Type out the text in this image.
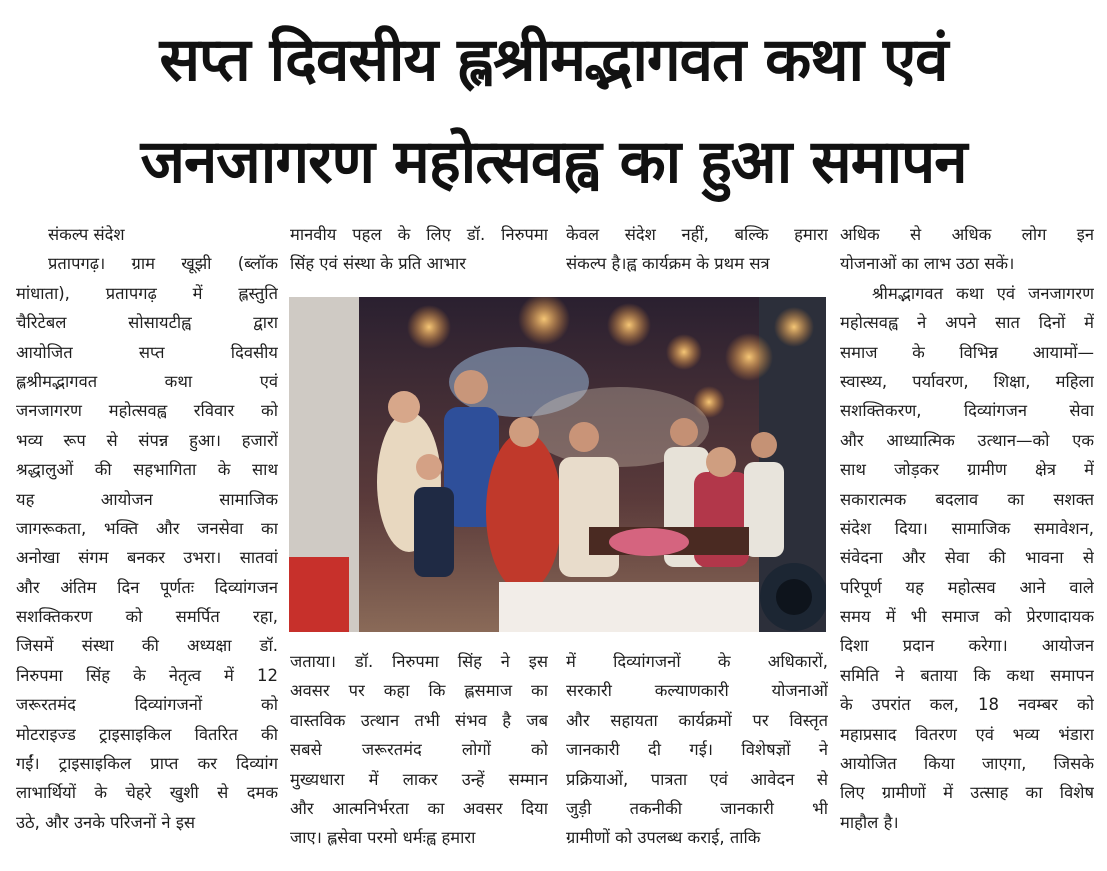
सप्त दिवसीय ह्लश्रीमद्भागवत कथा एवं
जनजागरण महोत्सवह्व का हुआ समापन

संकल्प संदेश

प्रतापगढ़। ग्राम खूझी (ब्लॉक

मांधाता), प्रतापगढ़ में ह्लस्तुति

चैरिटेबल सोसायटीह्व द्वारा

आयोजित सप्त दिवसीय

ह्लश्रीमद्भागवत कथा एवं

जनजागरण महोत्सवह्व रविवार को

भव्य रूप से संपन्न हुआ। हजारों

श्रद्धालुओं की सहभागिता के साथ

यह आयोजन सामाजिक

जागरूकता, भक्ति और जनसेवा का

अनोखा संगम बनकर उभरा। सातवां

और अंतिम दिन पूर्णतः दिव्यांगजन

सशक्तिकरण को समर्पित रहा,

जिसमें संस्था की अध्यक्षा डॉ.

निरुपमा सिंह के नेतृत्व में 12

जरूरतमंद दिव्यांगजनों को

मोटराइज्ड ट्राइसाइकिल वितरित की

गईं। ट्राइसाइकिल प्राप्त कर दिव्यांग

लाभार्थियों के चेहरे खुशी से दमक

उठे, और उनके परिजनों ने इस

मानवीय पहल के लिए डॉ. निरुपमा

सिंह एवं संस्था के प्रति आभार

केवल संदेश नहीं, बल्कि हमारा

संकल्प है।ह्व कार्यक्रम के प्रथम सत्र

अधिक से अधिक लोग इन

योजनाओं का लाभ उठा सकें।

श्रीमद्भागवत कथा एवं जनजागरण

महोत्सवह्व ने अपने सात दिनों में

समाज के विभिन्न आयामों—

स्वास्थ्य, पर्यावरण, शिक्षा, महिला

सशक्तिकरण, दिव्यांगजन सेवा

और आध्यात्मिक उत्थान—को एक

साथ जोड़कर ग्रामीण क्षेत्र में

सकारात्मक बदलाव का सशक्त

संदेश दिया। सामाजिक समावेशन,

संवेदना और सेवा की भावना से

परिपूर्ण यह महोत्सव आने वाले

समय में भी समाज को प्रेरणादायक

दिशा प्रदान करेगा। आयोजन

समिति ने बताया कि कथा समापन

के उपरांत कल, 18 नवम्बर को

महाप्रसाद वितरण एवं भव्य भंडारा

आयोजित किया जाएगा, जिसके

लिए ग्रामीणों में उत्साह का विशेष

माहौल है।

जताया। डॉ. निरुपमा सिंह ने इस

अवसर पर कहा कि ह्लसमाज का

वास्तविक उत्थान तभी संभव है जब

सबसे जरूरतमंद लोगों को

मुख्यधारा में लाकर उन्हें सम्मान

और आत्मनिर्भरता का अवसर दिया

जाए। ह्लसेवा परमो धर्मःह्व हमारा

में दिव्यांगजनों के अधिकारों,

सरकारी कल्याणकारी योजनाओं

और सहायता कार्यक्रमों पर विस्तृत

जानकारी दी गई। विशेषज्ञों ने

प्रक्रियाओं, पात्रता एवं आवेदन से

जुड़ी तकनीकी जानकारी भी

ग्रामीणों को उपलब्ध कराई, ताकि
